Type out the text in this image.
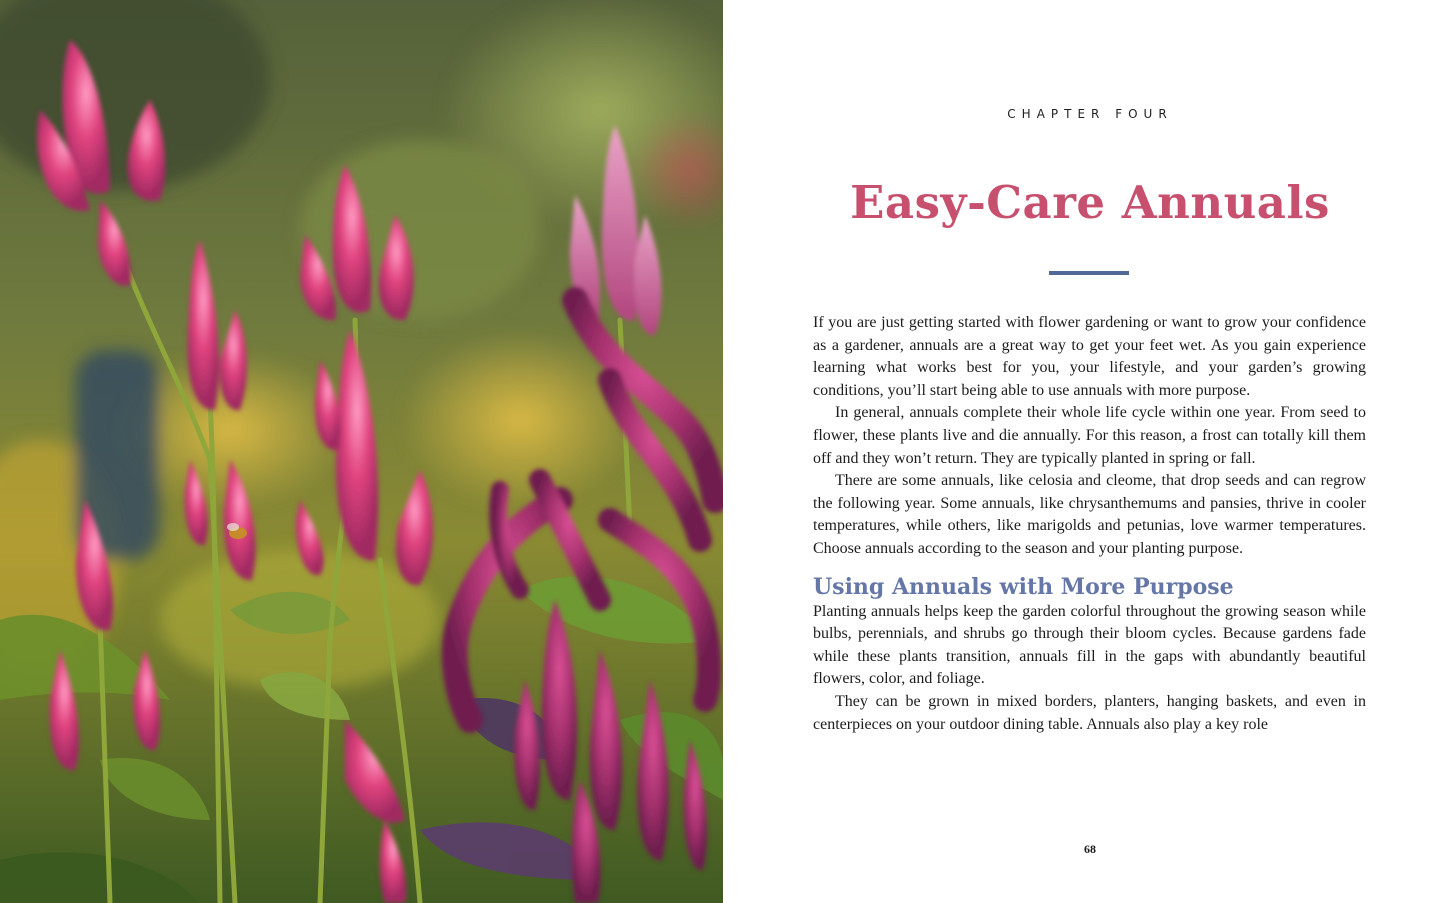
CHAPTER FOUR
Easy-Care Annuals

If you are just getting started with flower gardening or want to grow your confidence as a gardener, annuals are a great way to get your feet wet. As you gain experience learning what works best for you, your lifestyle, and your garden’s growing conditions, you’ll start being able to use annuals with more purpose.

In general, annuals complete their whole life cycle within one year. From seed to flower, these plants live and die annually. For this reason, a frost can totally kill them off and they won’t return. They are typically planted in spring or fall.

There are some annuals, like celosia and cleome, that drop seeds and can regrow the following year. Some annuals, like chrysanthemums and pansies, thrive in cooler temperatures, while others, like marigolds and petunias, love warmer temperatures. Choose annuals according to the season and your planting purpose.

Using Annuals with More Purpose

Planting annuals helps keep the garden colorful throughout the growing season while bulbs, perennials, and shrubs go through their bloom cycles. Because gardens fade while these plants transition, annuals fill in the gaps with abundantly beautiful flowers, color, and foliage.

They can be grown in mixed borders, planters, hanging baskets, and even in centerpieces on your outdoor dining table. Annuals also play a key role

68
